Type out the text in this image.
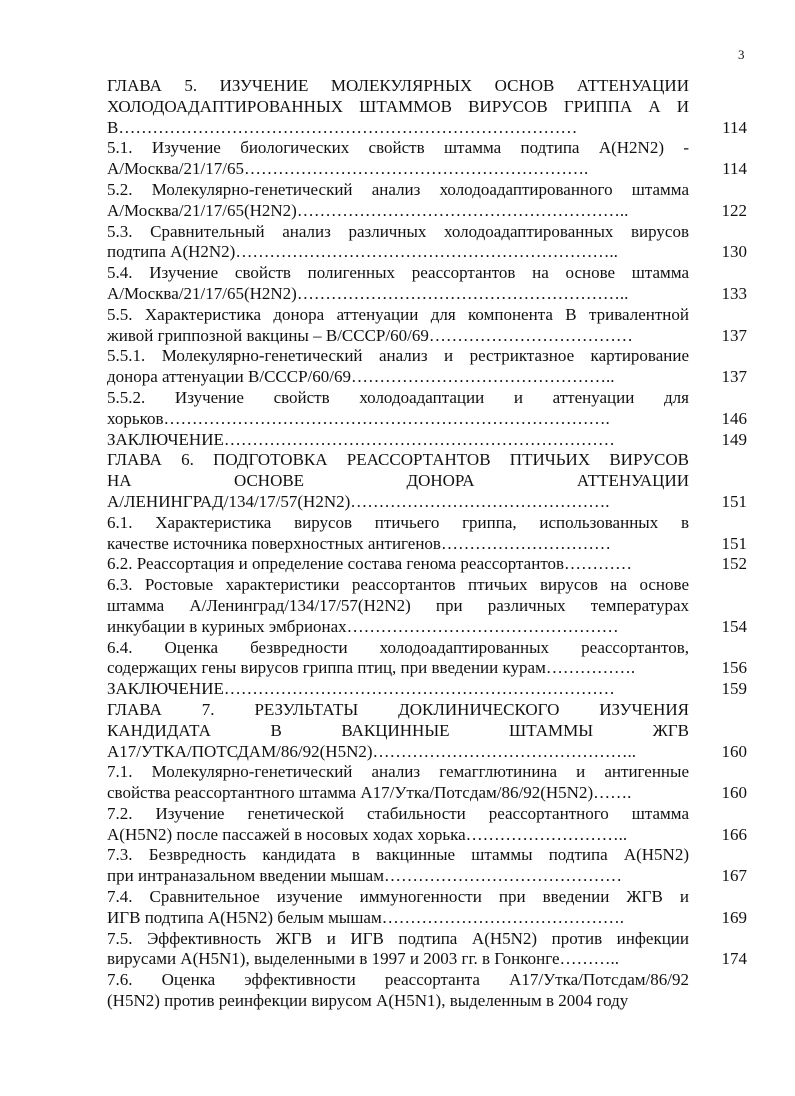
3
ГЛАВА 5. ИЗУЧЕНИЕ МОЛЕКУЛЯРНЫХ ОСНОВ АТТЕНУАЦИИ
ХОЛОДОАДАПТИРОВАННЫХ ШТАММОВ ВИРУСОВ ГРИППА А И
В………………………………………………………………………	114
5.1. Изучение биологических свойств штамма подтипа А(H2N2) -
А/Москва/21/17/65…………………………………………………….	114
5.2. Молекулярно-генетический анализ холодоадаптированного штамма
А/Москва/21/17/65(H2N2)…………………………………………………..	122
5.3. Сравнительный анализ различных холодоадаптированных вирусов
подтипа А(H2N2)…………………………………………………………..	130
5.4. Изучение свойств полигенных реассортантов на основе штамма
А/Москва/21/17/65(H2N2)…………………………………………………..	133
5.5. Характеристика донора аттенуации для компонента В тривалентной
живой гриппозной вакцины – В/СССР/60/69………………………………	137
5.5.1. Молекулярно-генетический анализ и рестриктазное картирование
донора аттенуации В/СССР/60/69………………………………………..	137
5.5.2. Изучение свойств холодоадаптации и аттенуации для
хорьков…………………………………………………………………….	146
ЗАКЛЮЧЕНИЕ……………………………………………………………	149
ГЛАВА 6. ПОДГОТОВКА РЕАССОРТАНТОВ ПТИЧЬИХ ВИРУСОВ
НА ОСНОВЕ ДОНОРА АТТЕНУАЦИИ
А/ЛЕНИНГРАД/134/17/57(H2N2)……………………………………….	151
6.1. Характеристика вирусов птичьего гриппа, использованных в
качестве источника поверхностных антигенов…………………………	151
6.2. Реассортация и определение состава генома реассортантов…………	152
6.3. Ростовые характеристики реассортантов птичьих вирусов на основе
штамма А/Ленинград/134/17/57(H2N2) при различных температурах
инкубации в куриных эмбрионах…………………………………………	154
6.4. Оценка безвредности холодоадаптированных реассортантов,
содержащих гены вирусов гриппа птиц, при введении курам…………….	156
ЗАКЛЮЧЕНИЕ……………………………………………………………	159
ГЛАВА 7. РЕЗУЛЬТАТЫ ДОКЛИНИЧЕСКОГО ИЗУЧЕНИЯ
КАНДИДАТА В ВАКЦИННЫЕ ШТАММЫ ЖГВ
А17/УТКА/ПОТСДАМ/86/92(H5N2)………………………………………..	160
7.1. Молекулярно-генетический анализ гемагглютинина и антигенные
свойства реассортантного штамма А17/Утка/Потсдам/86/92(H5N2)…….	160
7.2. Изучение генетической стабильности реассортантного штамма
А(H5N2) после пассажей в носовых ходах хорька………………………..	166
7.3. Безвредность кандидата в вакцинные штаммы подтипа А(H5N2)
при интраназальном введении мышам……………………………………	167
7.4. Сравнительное изучение иммуногенности при введении ЖГВ и
ИГВ подтипа А(H5N2) белым мышам…………………………………….	169
7.5. Эффективность ЖГВ и ИГВ подтипа А(H5N2) против инфекции
вирусами А(H5N1), выделенными в 1997 и 2003 гг. в Гонконге………..	174
7.6. Оценка эффективности реассортанта А17/Утка/Потсдам/86/92
(H5N2) против реинфекции вирусом А(H5N1), выделенным в 2004 году
